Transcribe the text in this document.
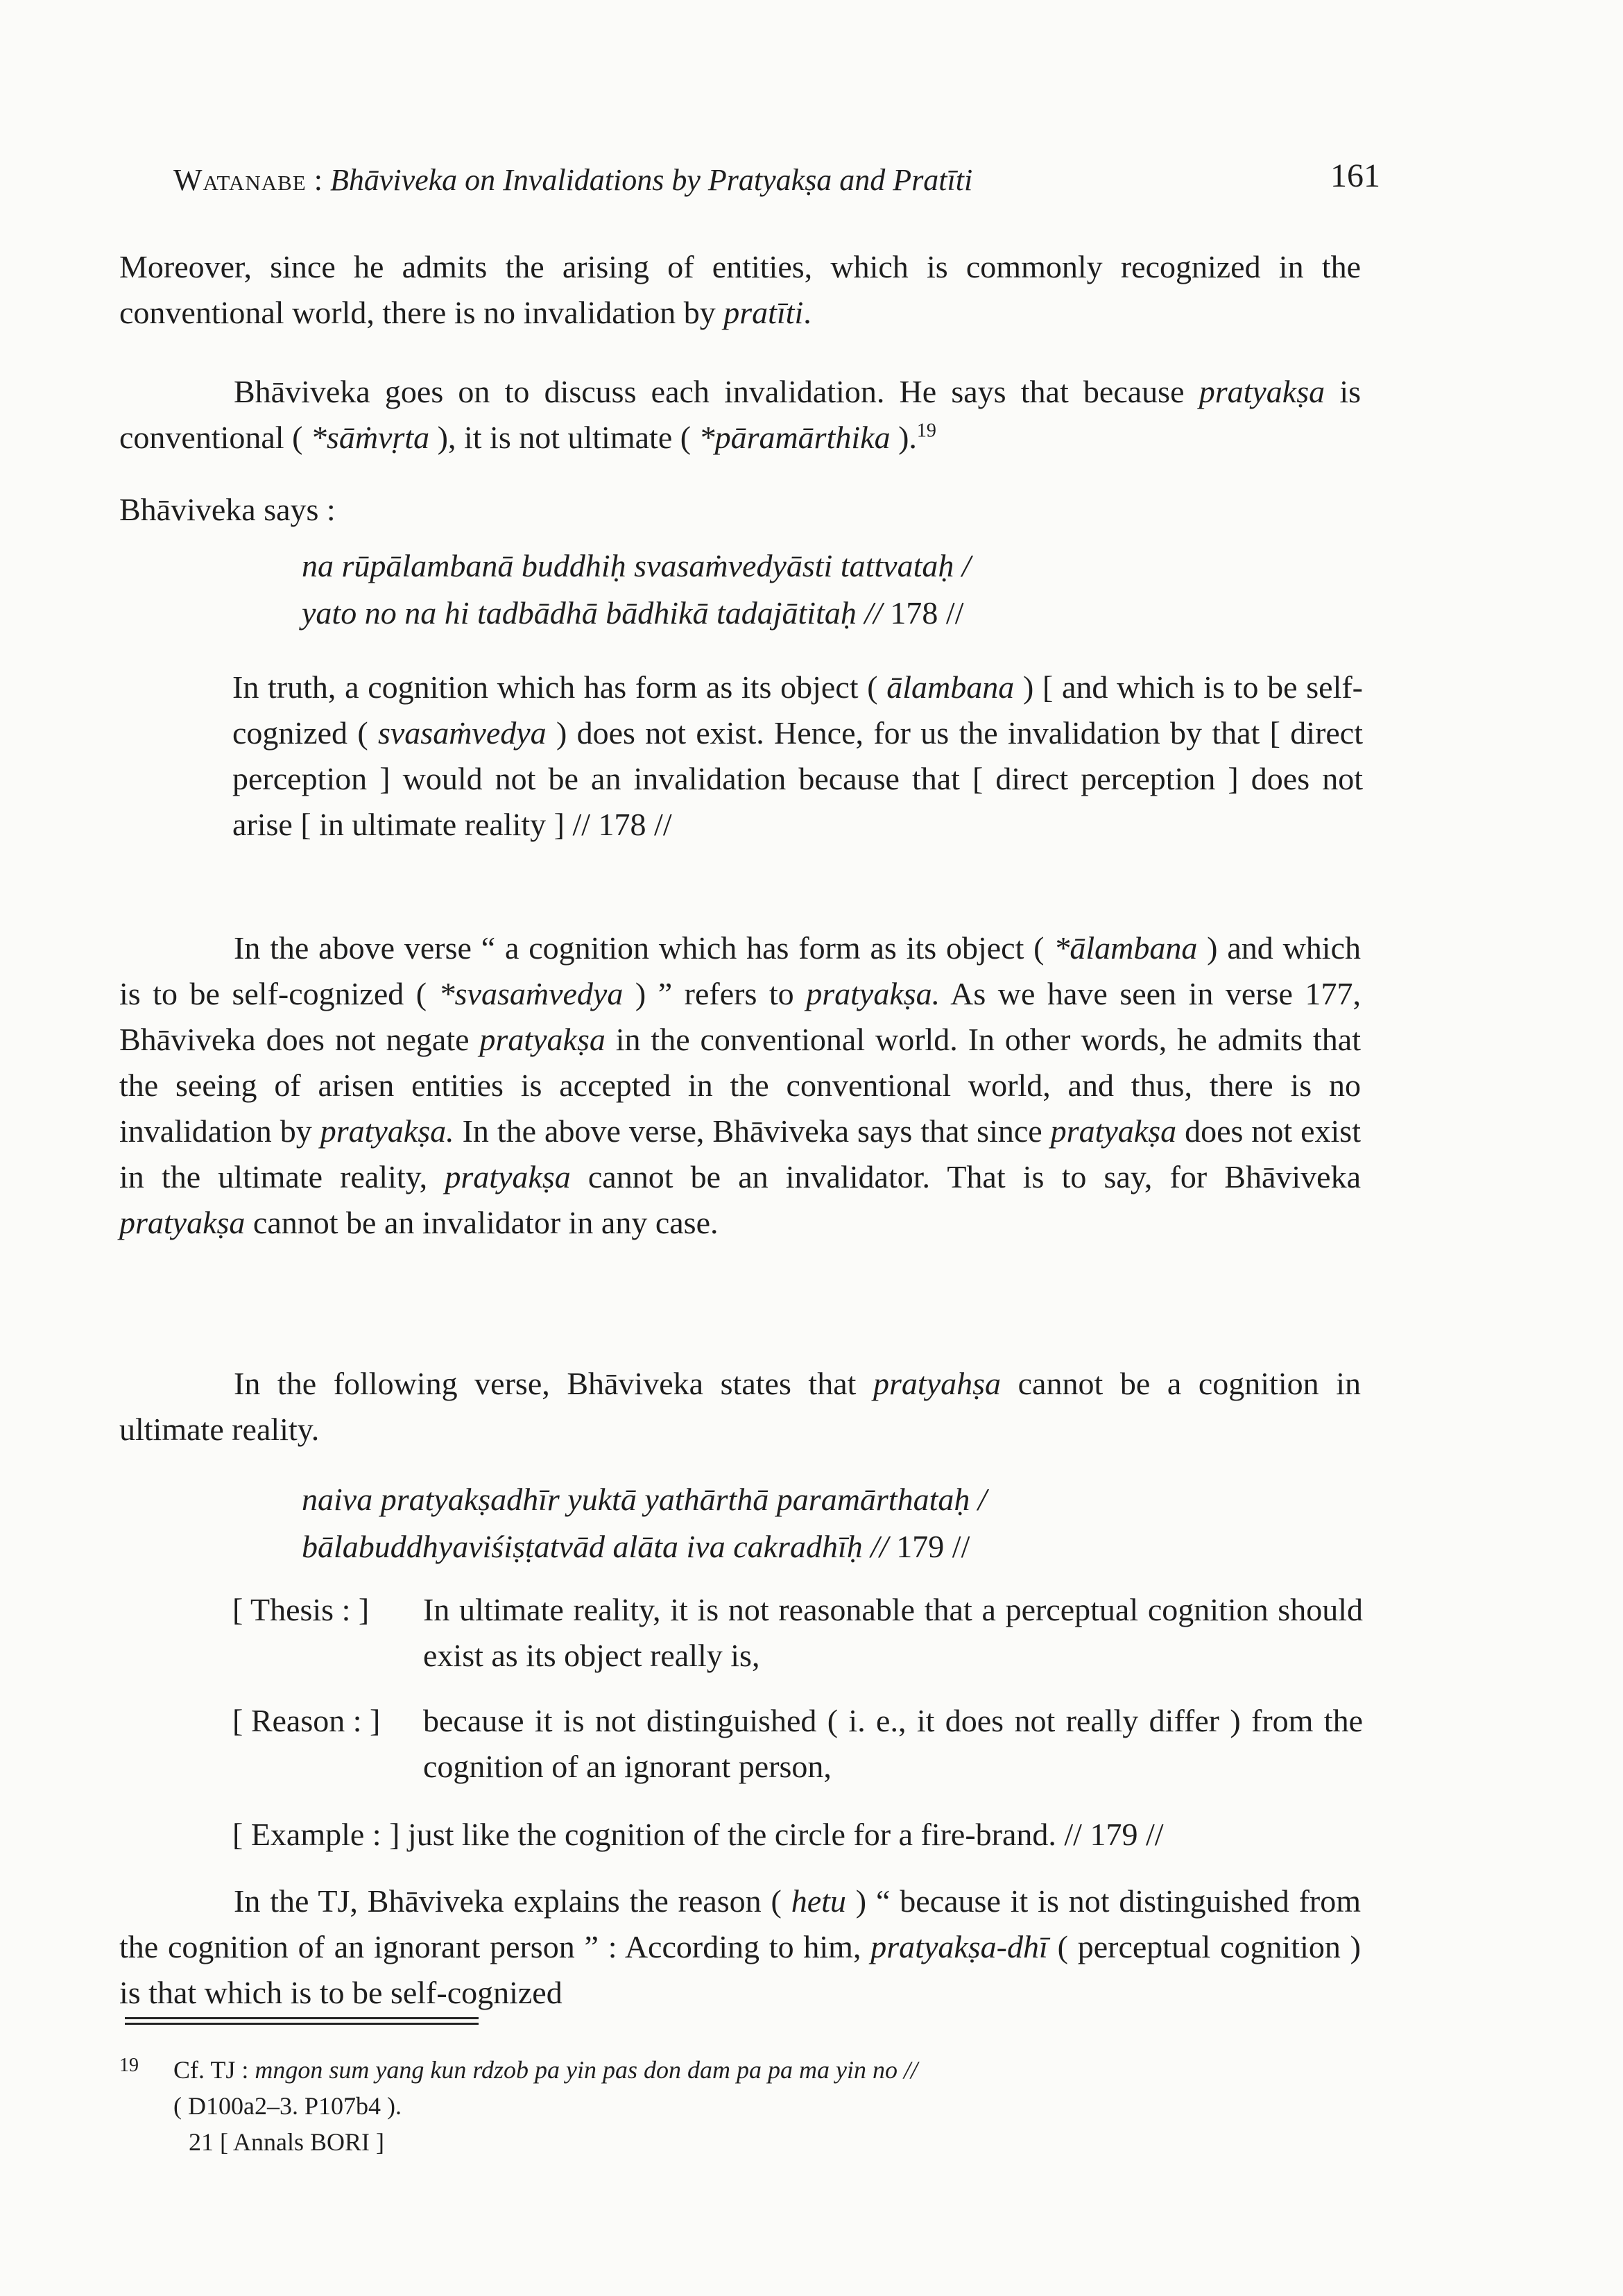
Watanabe : Bhāviveka on Invalidations by Pratyakṣa and Pratīti	161

Moreover, since he admits the arising of entities, which is commonly recognized in the conventional world, there is no invalidation by pratīti.

Bhāviveka goes on to discuss each invalidation. He says that because pratyakṣa is conventional ( *sāṁvṛta ), it is not ultimate ( *pāramārthika ).$^{19}$

Bhāviveka says :

na rūpālambanā buddhiḥ svasaṁvedyāsti tattvataḥ /
yato no na hi tadbādhā bādhikā tadajātitaḥ // 178 //

In truth, a cognition which has form as its object ( ālambana ) [ and which is to be self-cognized ( svasaṁvedya ) does not exist. Hence, for us the invalidation by that [ direct perception ] would not be an invalidation because that [ direct perception ] does not arise [ in ultimate reality ] // 178 //

In the above verse “ a cognition which has form as its object ( *ālambana ) and which is to be self-cognized ( *svasaṁvedya ) ” refers to pratyakṣa. As we have seen in verse 177, Bhāviveka does not negate pratyakṣa in the conventional world. In other words, he admits that the seeing of arisen entities is accepted in the conventional world, and thus, there is no invalidation by pratyakṣa. In the above verse, Bhāviveka says that since pratyakṣa does not exist in the ultimate reality, pratyakṣa cannot be an invalidator. That is to say, for Bhāviveka pratyakṣa cannot be an invalidator in any case.

In the following verse, Bhāviveka states that pratyahṣa cannot be a cognition in ultimate reality.

naiva pratyakṣadhīr yuktā yathārthā paramārthataḥ /
bālabuddhyaviśiṣṭatvād alāta iva cakradhīḥ // 179 //
[ Thesis : ] In ultimate reality, it is not reasonable that a perceptual cognition should exist as its object really is,
[ Reason : ] because it is not distinguished ( i. e., it does not really differ ) from the cognition of an ignorant person,
[ Example : ] just like the cognition of the circle for a fire-brand. // 179 //

In the TJ, Bhāviveka explains the reason ( hetu ) “ because it is not distinguished from the cognition of an ignorant person ” : According to him, pratyakṣa-dhī ( perceptual cognition ) is that which is to be self-cognized

19 Cf. TJ : mngon sum yang kun rdzob pa yin pas don dam pa pa ma yin no //
( D100a2–3. P107b4 ).
21 [ Annals BORI ]
